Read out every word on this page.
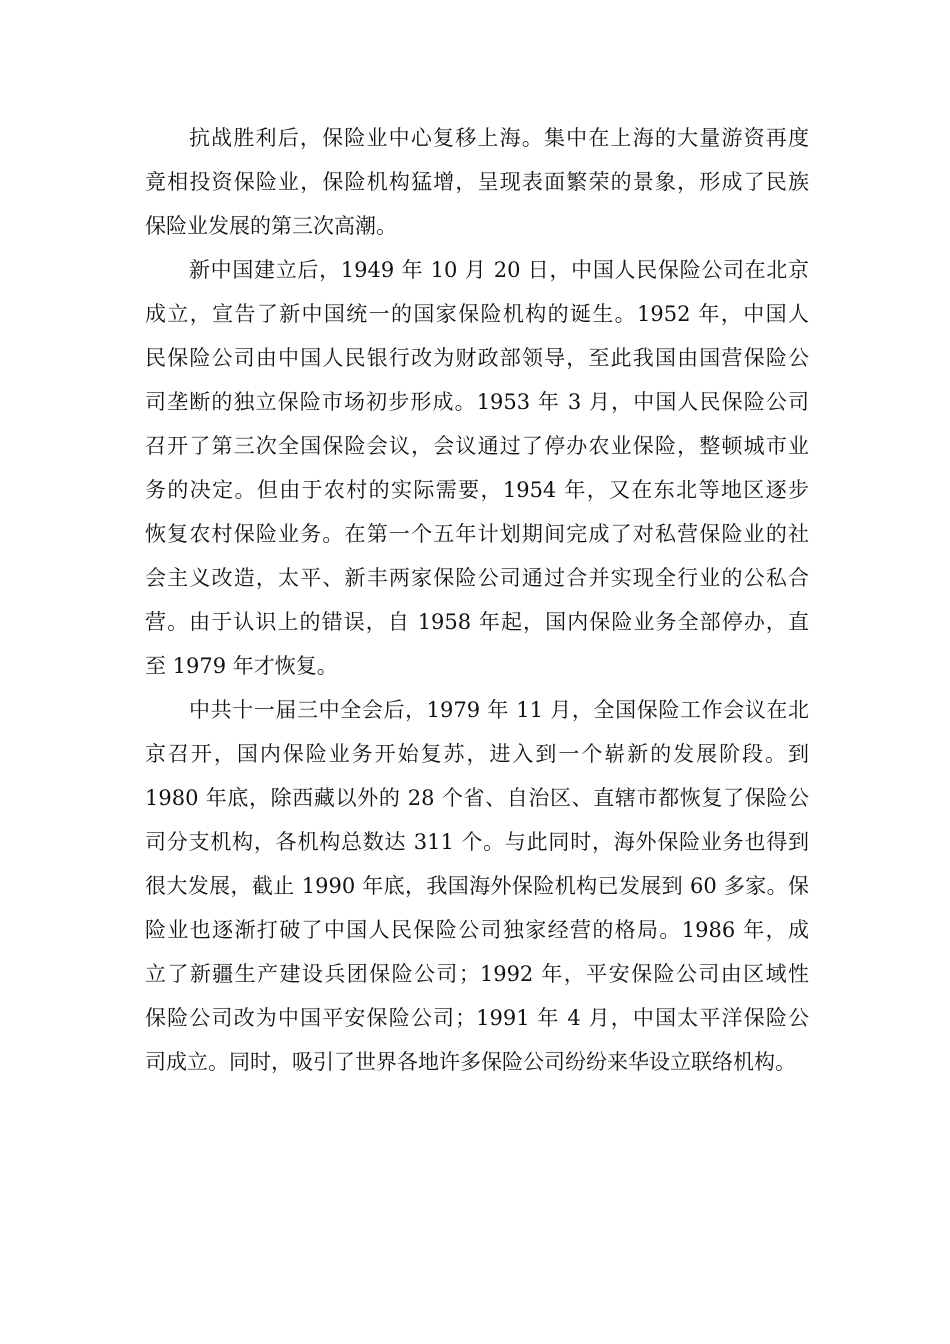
抗战胜利后，保险业中心复移上海。集中在上海的大量游资再度
竟相投资保险业，保险机构猛增，呈现表面繁荣的景象，形成了民族
保险业发展的第三次高潮。
新中国建立后，1949 年 10 月 20 日，中国人民保险公司在北京
成立，宣告了新中国统一的国家保险机构的诞生。1952 年，中国人
民保险公司由中国人民银行改为财政部领导，至此我国由国营保险公
司垄断的独立保险市场初步形成。1953 年 3 月，中国人民保险公司
召开了第三次全国保险会议，会议通过了停办农业保险，整顿城市业
务的决定。但由于农村的实际需要，1954 年，又在东北等地区逐步
恢复农村保险业务。在第一个五年计划期间完成了对私营保险业的社
会主义改造，太平、新丰两家保险公司通过合并实现全行业的公私合
营。由于认识上的错误，自 1958 年起，国内保险业务全部停办，直
至 1979 年才恢复。
中共十一届三中全会后，1979 年 11 月，全国保险工作会议在北
京召开，国内保险业务开始复苏，进入到一个崭新的发展阶段。到
1980 年底，除西藏以外的 28 个省、自治区、直辖市都恢复了保险公
司分支机构，各机构总数达 311 个。与此同时，海外保险业务也得到
很大发展，截止 1990 年底，我国海外保险机构已发展到 60 多家。保
险业也逐渐打破了中国人民保险公司独家经营的格局。1986 年，成
立了新疆生产建设兵团保险公司；1992 年，平安保险公司由区域性
保险公司改为中国平安保险公司；1991 年 4 月，中国太平洋保险公
司成立。同时，吸引了世界各地许多保险公司纷纷来华设立联络机构。
